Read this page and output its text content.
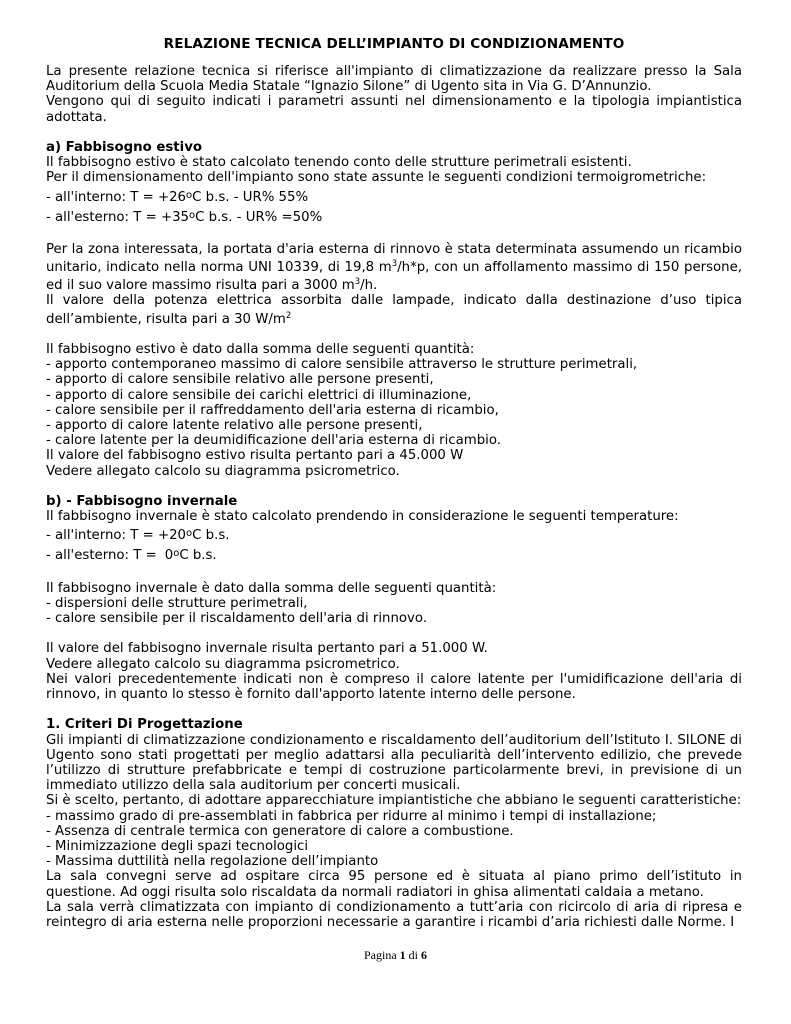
RELAZIONE TECNICA DELL’IMPIANTO DI CONDIZIONAMENTO

La presente relazione tecnica si riferisce all'impianto di climatizzazione da realizzare presso la Sala Auditorium della Scuola Media Statale “Ignazio Silone” di Ugento sita in Via G. D’Annunzio.

Vengono qui di seguito indicati i parametri assunti nel dimensionamento e la tipologia impiantistica adottata.

a) Fabbisogno estivo

Il fabbisogno estivo è stato calcolato tenendo conto delle strutture perimetrali esistenti.

Per il dimensionamento dell'impianto sono state assunte le seguenti condizioni termoigrometriche:

- all'interno: $T = +26^oC$ b.s. - UR% 55%
- all'esterno: $T = +35^oC$ b.s. - UR% =50%

Per la zona interessata, la portata d'aria esterna di rinnovo è stata determinata assumendo un ricambio unitario, indicato nella norma UNI 10339, di 19,8 $m^3/h*p$, con un affollamento massimo di 150 persone, ed il suo valore massimo risulta pari a 3000 $m^3/h$.

Il valore della potenza elettrica assorbita dalle lampade, indicato dalla destinazione d’uso tipica dell’ambiente, risulta pari a 30 $W/m^2$

Il fabbisogno estivo è dato dalla somma delle seguenti quantità:

- apporto contemporaneo massimo di calore sensibile attraverso le strutture perimetrali,
- apporto di calore sensibile relativo alle persone presenti,
- apporto di calore sensibile dei carichi elettrici di illuminazione,
- calore sensibile per il raffreddamento dell'aria esterna di ricambio,
- apporto di calore latente relativo alle persone presenti,
- calore latente per la deumidificazione dell'aria esterna di ricambio.

Il valore del fabbisogno estivo risulta pertanto pari a 45.000 W

Vedere allegato calcolo su diagramma psicrometrico.

b) - Fabbisogno invernale

Il fabbisogno invernale è stato calcolato prendendo in considerazione le seguenti temperature:

- all'interno: $T = +20^oC$ b.s.
- all'esterno: $T = 0^oC$ b.s.

Il fabbisogno invernale è dato dalla somma delle seguenti quantità:

- dispersioni delle strutture perimetrali,
- calore sensibile per il riscaldamento dell'aria di rinnovo.

Il valore del fabbisogno invernale risulta pertanto pari a 51.000 W.

Vedere allegato calcolo su diagramma psicrometrico.

Nei valori precedentemente indicati non è compreso il calore latente per l'umidificazione dell'aria di rinnovo, in quanto lo stesso è fornito dall'apporto latente interno delle persone.

1. Criteri Di Progettazione

Gli impianti di climatizzazione condizionamento e riscaldamento dell’auditorium dell’Istituto I. SILONE di Ugento sono stati progettati per meglio adattarsi alla peculiarità dell’intervento edilizio, che prevede l’utilizzo di strutture prefabbricate e tempi di costruzione particolarmente brevi, in previsione di un immediato utilizzo della sala auditorium per concerti musicali.

Si è scelto, pertanto, di adottare apparecchiature impiantistiche che abbiano le seguenti caratteristiche:

- massimo grado di pre-assemblati in fabbrica per ridurre al minimo i tempi di installazione;
- Assenza di centrale termica con generatore di calore a combustione.
- Minimizzazione degli spazi tecnologici
- Massima duttilità nella regolazione dell’impianto

La sala convegni serve ad ospitare circa 95 persone ed è situata al piano primo dell’istituto in questione. Ad oggi risulta solo riscaldata da normali radiatori in ghisa alimentati caldaia a metano.

La sala verrà climatizzata con impianto di condizionamento a tutt’aria con ricircolo di aria di ripresa e reintegro di aria esterna nelle proporzioni necessarie a garantire i ricambi d’aria richiesti dalle Norme. I

Pagina 1 di 6
